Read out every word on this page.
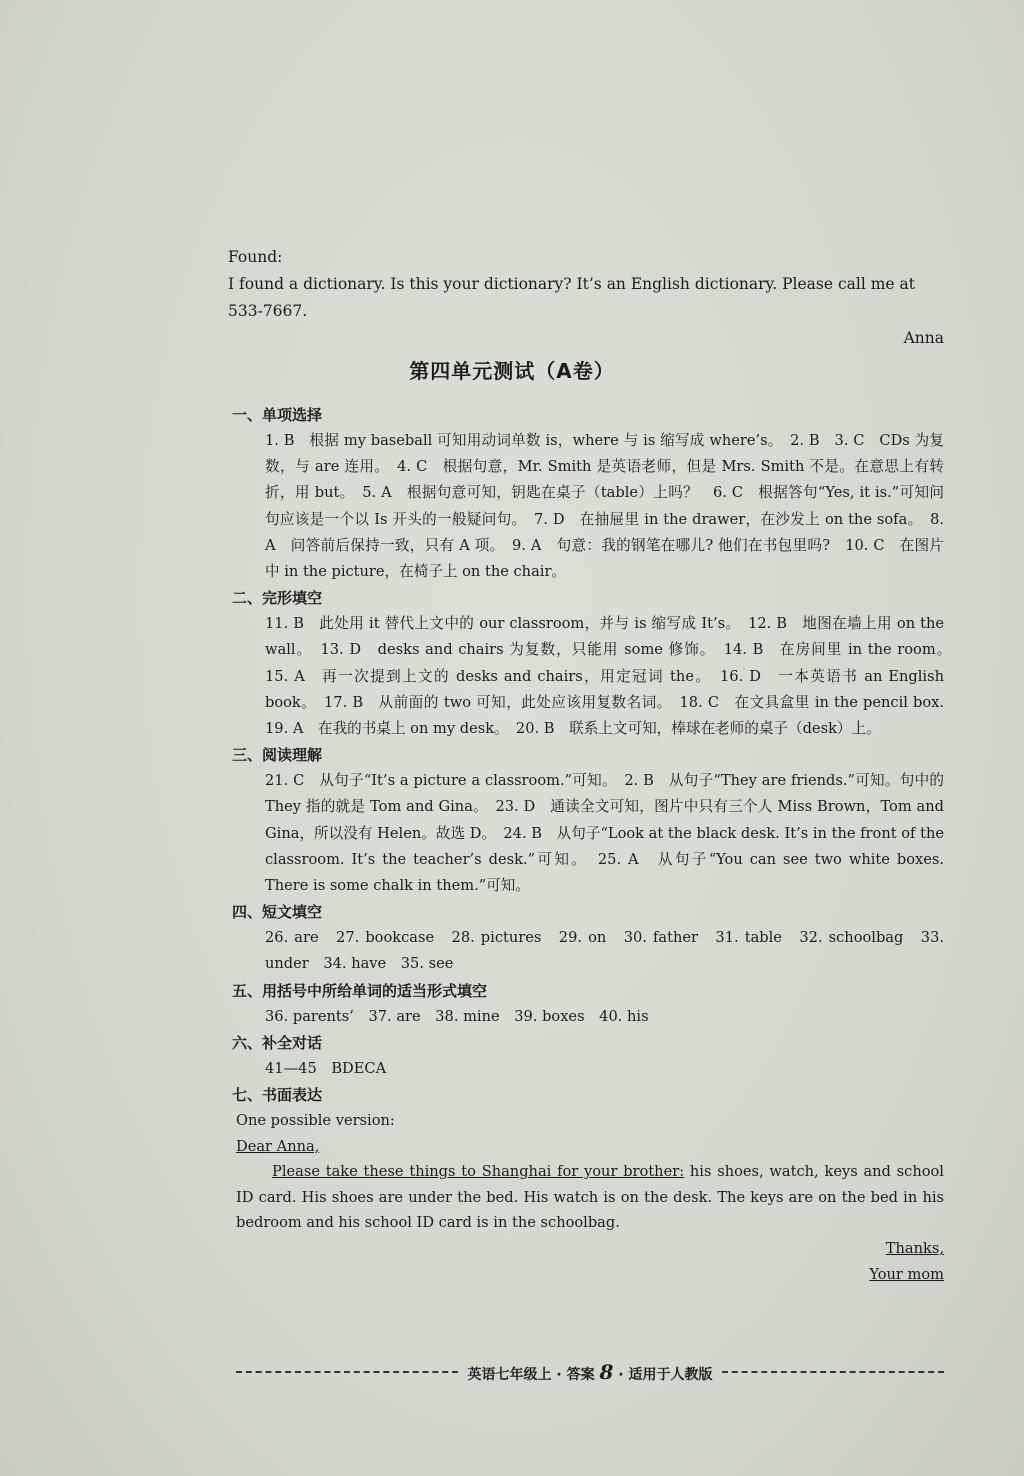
Found:
I found a dictionary. Is this your dictionary? It’s an English dictionary. Please call me at 533-7667.
Anna
第四单元测试（A卷）
一、单项选择
1. B　根据 my baseball 可知用动词单数 is，where 与 is 缩写成 where’s。　2. B　3. C　CDs 为复数，与 are 连用。　4. C　根据句意，Mr. Smith 是英语老师，但是 Mrs. Smith 不是。在意思上有转折，用 but。　5. A　根据句意可知，钥匙在桌子（table）上吗？　6. C　根据答句“Yes, it is.”可知问句应该是一个以 Is 开头的一般疑问句。　7. D　在抽屉里 in the drawer，在沙发上 on the sofa。　8. A　问答前后保持一致，只有 A 项。　9. A　句意：我的钢笔在哪儿? 他们在书包里吗?　10. C　在图片中 in the picture，在椅子上 on the chair。
二、完形填空
11. B　此处用 it 替代上文中的 our classroom，并与 is 缩写成 It’s。　12. B　地图在墙上用 on the wall。　13. D　desks and chairs 为复数，只能用 some 修饰。　14. B　在房间里 in the room。　15. A　再一次提到上文的 desks and chairs，用定冠词 the。　16. D　一本英语书 an English book。　17. B　从前面的 two 可知，此处应该用复数名词。　18. C　在文具盒里 in the pencil box.　19. A　在我的书桌上 on my desk。　20. B　联系上文可知，棒球在老师的桌子（desk）上。
三、阅读理解
21. C　从句子“It’s a picture a classroom.”可知。　2. B　从句子“They are friends.”可知。句中的 They 指的就是 Tom and Gina。　23. D　通读全文可知，图片中只有三个人 Miss Brown，Tom and Gina，所以没有 Helen。故选 D。　24. B　从句子“Look at the black desk. It’s in the front of the classroom. It’s the teacher’s desk.”可知。　25. A　从句子“You can see two white boxes. There is some chalk in them.”可知。
四、短文填空
26. are　27. bookcase　28. pictures　29. on　30. father　31. table　32. schoolbag　33. under　34. have　35. see
五、用括号中所给单词的适当形式填空
36. parents’　37. are　38. mine　39. boxes　40. his
六、补全对话
41—45　BDECA
七、书面表达
One possible version:
Dear Anna,
Please take these things to Shanghai for your brother: his shoes, watch, keys and school ID card. His shoes are under the bed. His watch is on the desk. The keys are on the bed in his bedroom and his school ID card is in the schoolbag.
Thanks,
Your mom
英语七年级上 · 答案 8 · 适用于人教版
